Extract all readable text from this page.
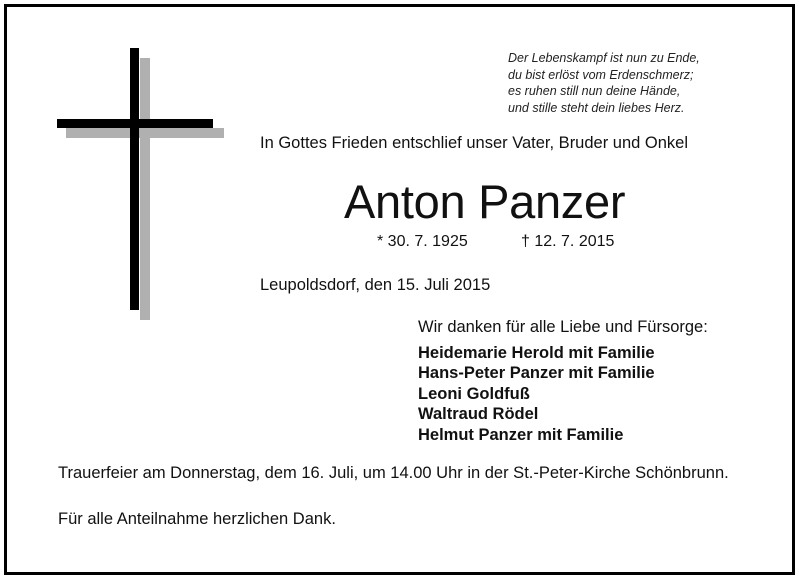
Der Lebenskampf ist nun zu Ende,
du bist erlöst vom Erdenschmerz;
es ruhen still nun deine Hände,
und stille steht dein liebes Herz.
In Gottes Frieden entschlief unser Vater, Bruder und Onkel
Anton Panzer
* 30. 7. 1925	† 12. 7. 2015
Leupoldsdorf, den 15. Juli 2015
Wir danken für alle Liebe und Fürsorge:
Heidemarie Herold mit Familie
Hans-Peter Panzer mit Familie
Leoni Goldfuß
Waltraud Rödel
Helmut Panzer mit Familie
Trauerfeier am Donnerstag, dem 16. Juli, um 14.00 Uhr in der St.-Peter-Kirche Schönbrunn.
Für alle Anteilnahme herzlichen Dank.
